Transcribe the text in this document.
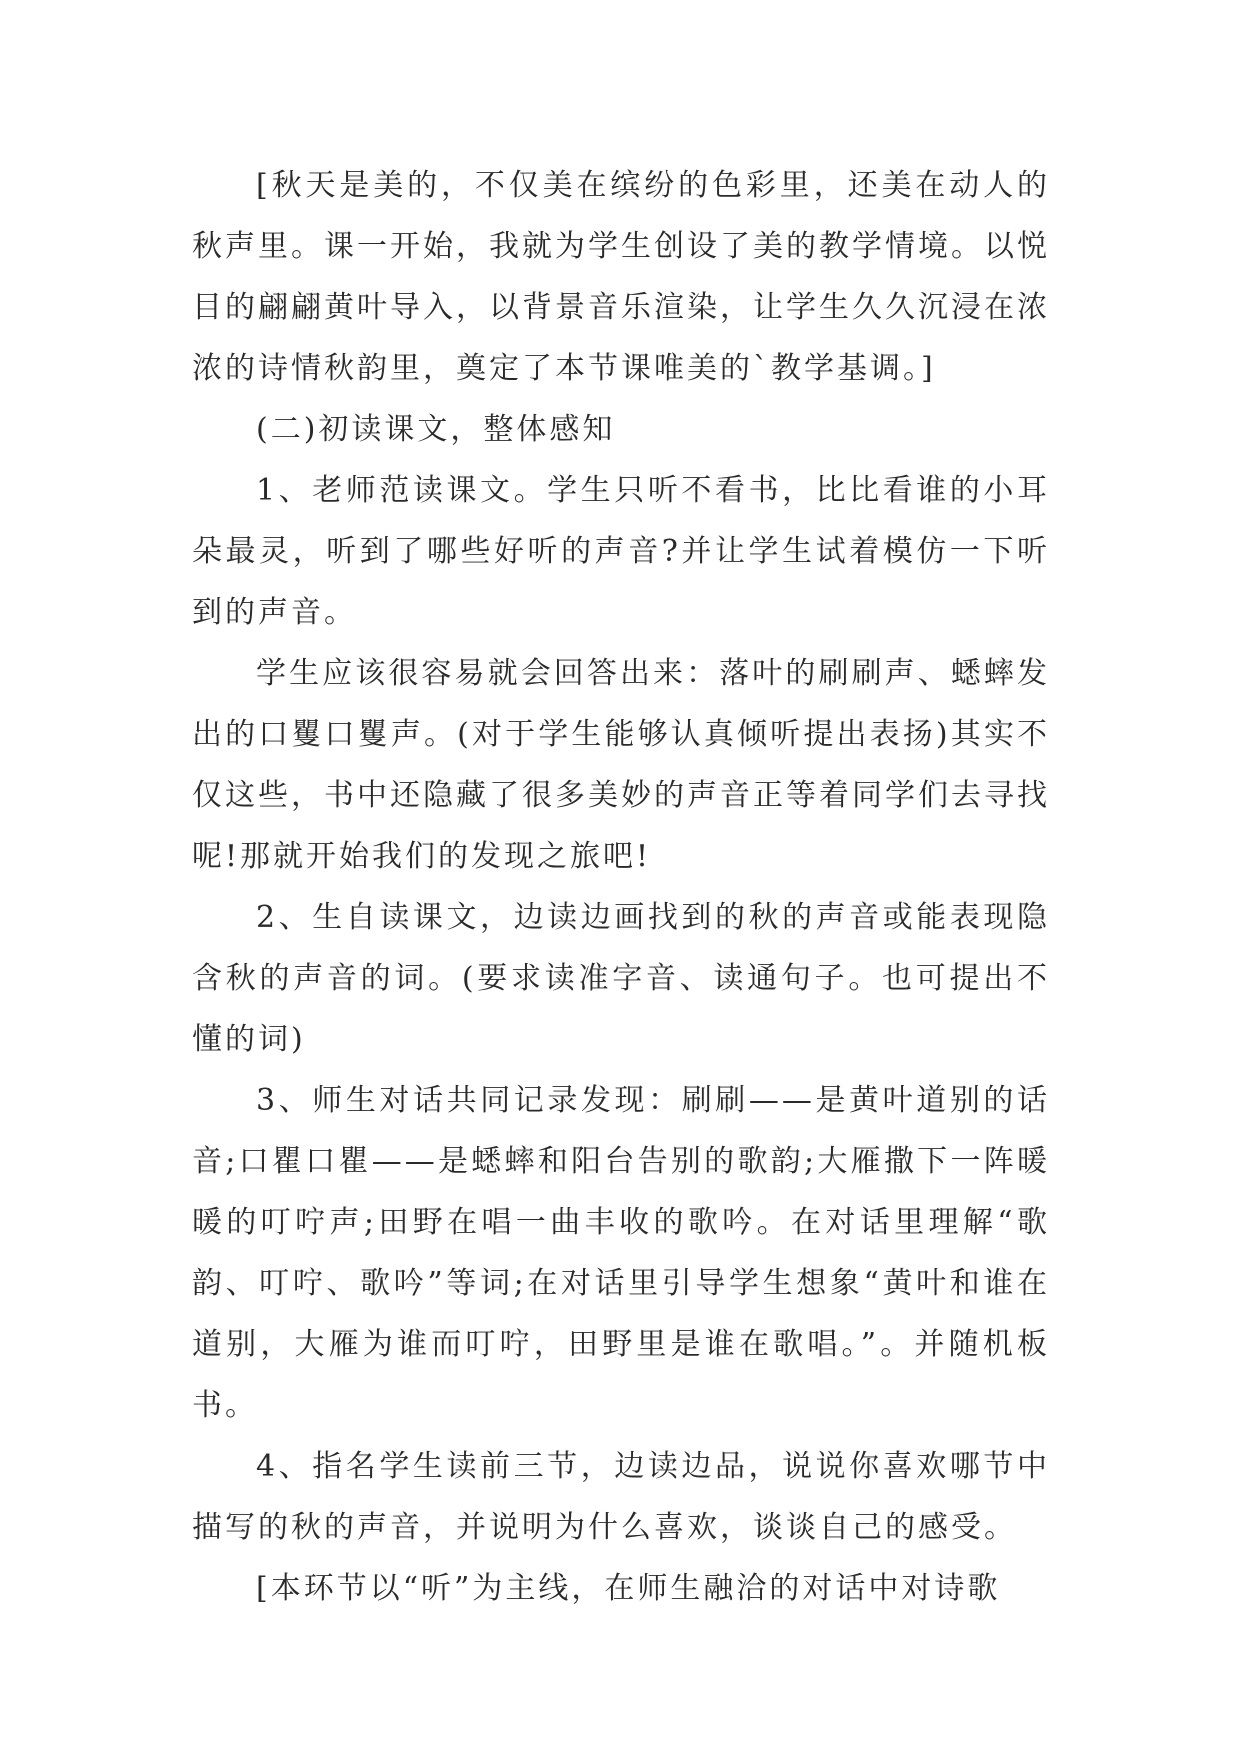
[秋天是美的，不仅美在缤纷的色彩里，还美在动人的秋声里。课一开始，我就为学生创设了美的教学情境。以悦目的翩翩黄叶导入，以背景音乐渲染，让学生久久沉浸在浓浓的诗情秋韵里，奠定了本节课唯美的`教学基调。]

(二)初读课文，整体感知

1、老师范读课文。学生只听不看书，比比看谁的小耳朵最灵，听到了哪些好听的声音?并让学生试着模仿一下听到的声音。

学生应该很容易就会回答出来：落叶的刷刷声、蟋蟀发出的口矍口矍声。(对于学生能够认真倾听提出表扬)其实不仅这些，书中还隐藏了很多美妙的声音正等着同学们去寻找呢!那就开始我们的发现之旅吧!

2、生自读课文，边读边画找到的秋的声音或能表现隐含秋的声音的词。(要求读准字音、读通句子。也可提出不懂的词)

3、师生对话共同记录发现：刷刷——是黄叶道别的话音;口瞿口瞿——是蟋蟀和阳台告别的歌韵;大雁撒下一阵暖暖的叮咛声;田野在唱一曲丰收的歌吟。在对话里理解“歌韵、叮咛、歌吟”等词;在对话里引导学生想象“黄叶和谁在道别，大雁为谁而叮咛，田野里是谁在歌唱。”。并随机板书。

4、指名学生读前三节，边读边品，说说你喜欢哪节中描写的秋的声音，并说明为什么喜欢，谈谈自己的感受。

[本环节以“听”为主线，在师生融洽的对话中对诗歌
